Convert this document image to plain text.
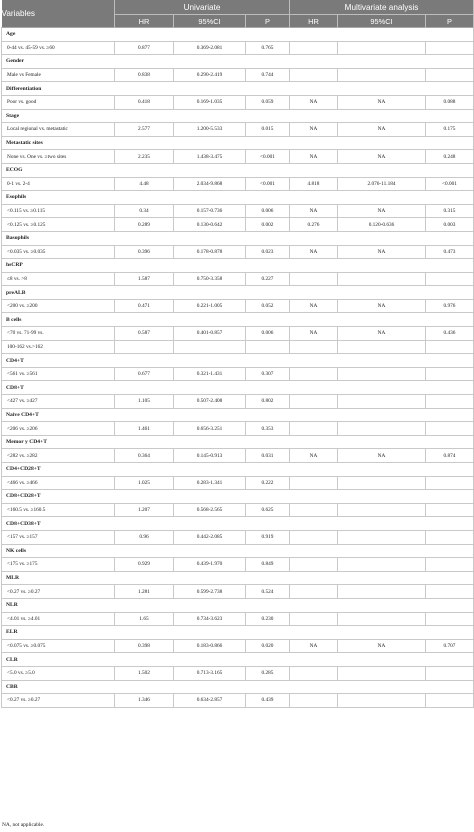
Variables	Univariate			Multivariate analysis		
	HR	95%CI	P	HR	95%CI	P
Age						
0-44 vs. 45-59 vs. ≥60	0.877	0.369-2.081	0.765			
Gender						
Male vs Female	0.838	0.290-2.419	0.744			
Differentiation						
Poor vs. good	0.418	0.169-1.035	0.059	NA	NA	0.088
Stage						
Local regional vs. metastatic	2.577	1.200-5.533	0.015	NA	NA	0.175
Metastatic sites						
None vs. One vs. ≥two sites	2.235	1.438-3.475	<0.001	NA	NA	0.248
ECOG						
0-1 vs. 2-4	4.48	2.034-9.868	<0.001	4.818	2.076-11.184	<0.001
Esophils						
<0.115 vs. ≥0.115	0.34	0.157-0.736	0.006	NA	NA	0.315
<0.125 vs. ≥0.125	0.289	0.130-0.642	0.002	0.276	0.120-0.636	0.003
Basophils						
<0.035 vs. ≥0.035	0.396	0.178-0.878	0.023	NA	NA	0.473
hsCRP						
≤8 vs. >8	1.587	0.750-3.358	0.227			
preALB						
<200 vs. ≥200	0.471	0.221-1.005	0.052	NA	NA	0.976
B cells						
<70 vs. 71-99 vs.	0.587	0.401-0.857	0.006	NA	NA	0.436
100-162 vs.>162						
CD4+T						
<561 vs. ≥561	0.677	0.321-1.431	0.307			
CD8+T						
<427 vs. ≥427	1.105	0.507-2.408	0.802			
Naive CD4+T						
<206 vs. ≥206	1.461	0.656-3.251	0.353			
Memor y CD4+T						
<282 vs. ≥282	0.364	0.145-0.913	0.031	NA	NA	0.874
CD4+CD28+T						
<466 vs. ≥466	1.025	0.283-1.341	0.222			
CD8+CD28+T						
<160.5 vs. ≥160.5	1.207	0.568-2.565	0.625			
CD8+CD38+T						
<157 vs. ≥157	0.96	0.442-2.085	0.919			
NK cells						
<175 vs. ≥175	0.929	0.439-1.970	0.849			
MLR						
<0.27 vs. ≥0.27	1.281	0.599-2.738	0.524			
NLR						
<4.01 vs. ≥4.01	1.65	0.734-3.623	0.230			
ELR						
<0.075 vs. ≥0.075	0.398	0.183-0.866	0.020	NA	NA	0.707
CLR						
<5.0 vs. ≥5.0	1.502	0.713-3.165	0.285			
CBR						
<0.27 vs. ≥0.27	1.346	0.634-2.857	0.439			
NA, not applicable.
